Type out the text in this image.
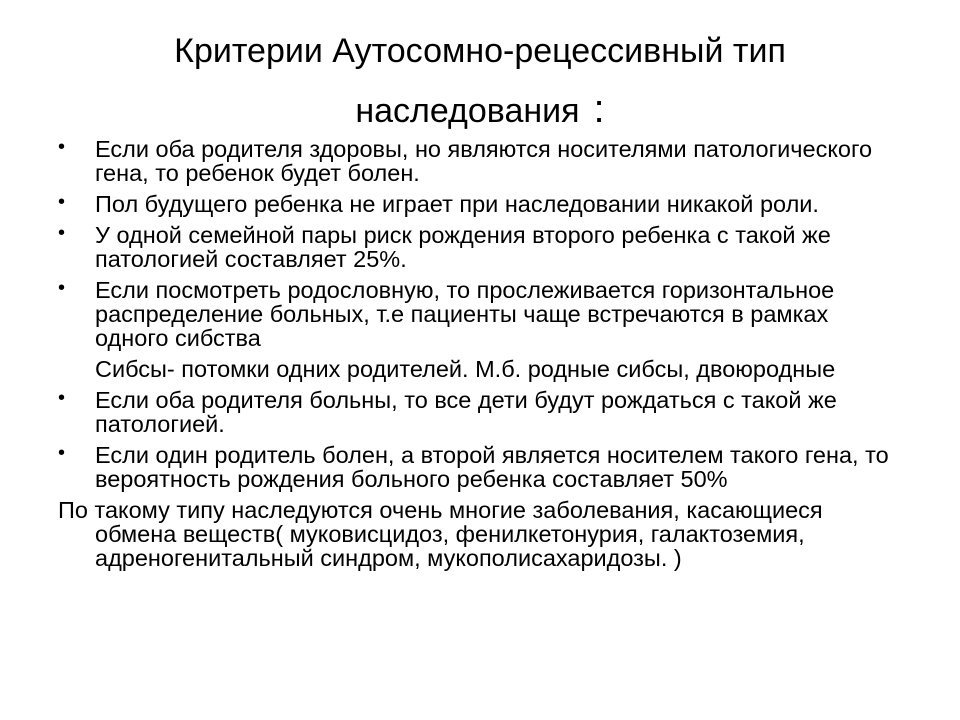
Критерии Аутосомно-рецессивный тип
наследования :
• Если оба родителя здоровы, но являются носителями патологического гена, то ребенок будет болен.
• Пол будущего ребенка не играет при наследовании никакой роли.
• У одной семейной пары риск рождения второго ребенка с такой же патологией составляет 25%.
• Если посмотреть родословную, то прослеживается горизонтальное распределение больных, т.е пациенты чаще встречаются в рамках одного сибства
Сибсы- потомки одних родителей. М.б. родные сибсы, двоюродные
• Если оба родителя больны, то все дети будут рождаться с такой же патологией.
• Если один родитель болен, а второй является носителем такого гена, то вероятность рождения больного ребенка составляет 50%
По такому типу наследуются очень многие заболевания, касающиеся обмена веществ( муковисцидоз, фенилкетонурия, галактоземия, адреногенитальный синдром, мукополисахаридозы. )
